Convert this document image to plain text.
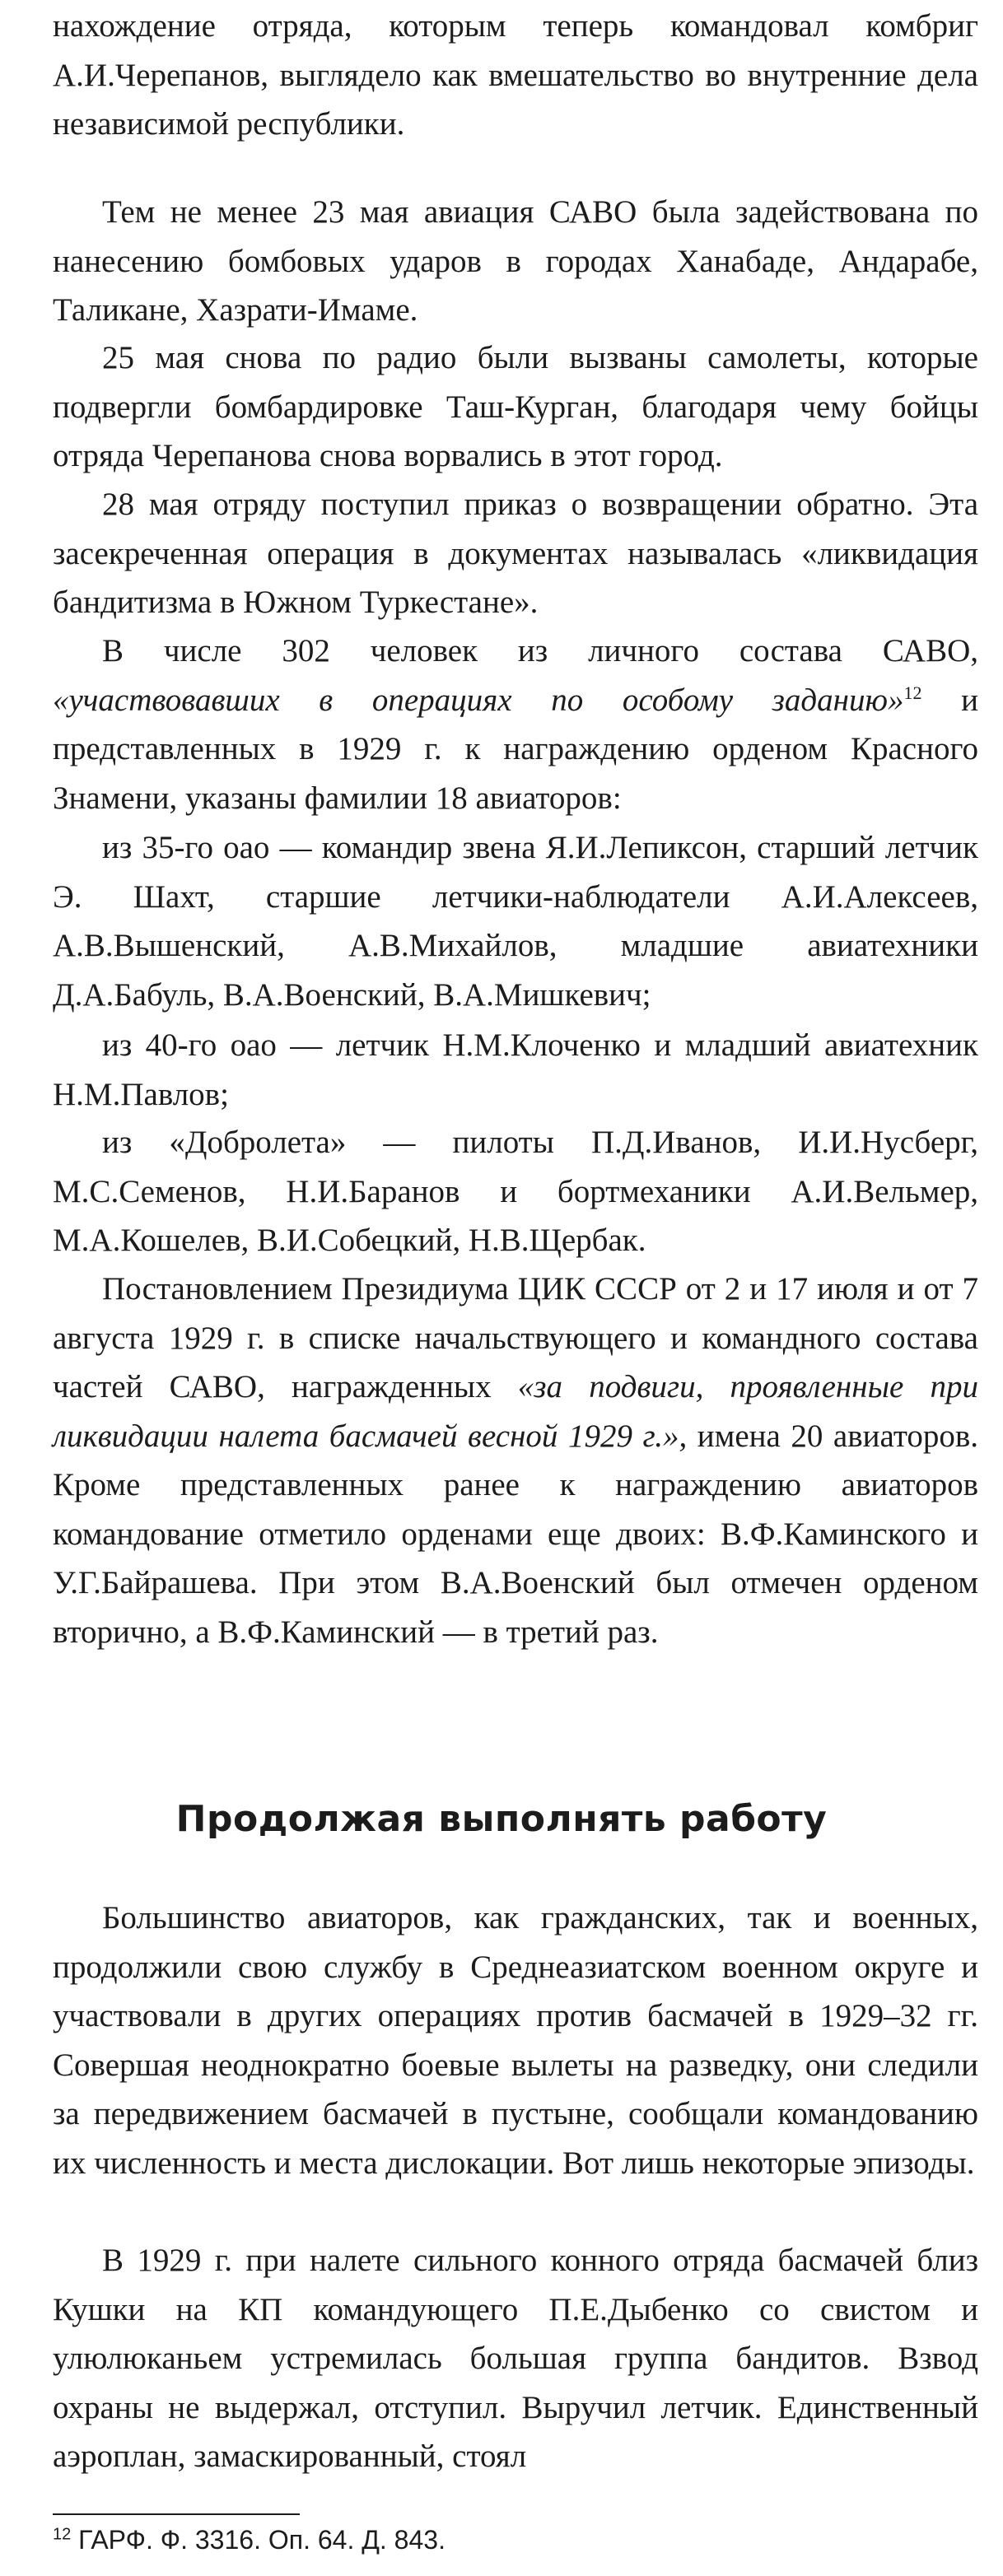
нахождение отряда, которым теперь командовал комбриг А.И.Черепанов, выглядело как вмешательство во внутренние дела независимой республики.

Тем не менее 23 мая авиация САВО была задействована по нанесению бомбовых ударов в городах Ханабаде, Андарабе, Таликане, Хазрати-Имаме.

25 мая снова по радио были вызваны самолеты, которые подвергли бомбардировке Таш-Курган, благодаря чему бойцы отряда Черепанова снова ворвались в этот город.

28 мая отряду поступил приказ о возвращении обратно. Эта засекреченная операция в документах называлась «ликвидация бандитизма в Южном Туркестане».

В числе 302 человек из личного состава САВО, «участвовавших в операциях по особому заданию»$^{12}$ и представленных в 1929 г. к награждению орденом Красного Знамени, указаны фамилии 18 авиаторов:

из 35-го оао — командир звена Я.И.Лепиксон, старший летчик Э. Шахт, старшие летчики-наблюдатели А.И.Алексеев, А.В.Вышенский, А.В.Михайлов, младшие авиатехники Д.А.Бабуль, В.А.Военский, В.А.Мишкевич;

из 40-го оао — летчик Н.М.Клоченко и младший авиатехник Н.М.Павлов;

из «Добролета» — пилоты П.Д.Иванов, И.И.Нусберг, М.С.Семенов, Н.И.Баранов и бортмеханики А.И.Вельмер, М.А.Кошелев, В.И.Собецкий, Н.В.Щербак.

Постановлением Президиума ЦИК СССР от 2 и 17 июля и от 7 августа 1929 г. в списке начальствующего и командного состава частей САВО, награжденных «за подвиги, проявленные при ликвидации налета басмачей весной 1929 г.», имена 20 авиаторов. Кроме представленных ранее к награждению авиаторов командование отметило орденами еще двоих: В.Ф.Каминского и У.Г.Байрашева. При этом В.А.Военский был отмечен орденом вторично, а В.Ф.Каминский — в третий раз.

Продолжая выполнять работу

Большинство авиаторов, как гражданских, так и военных, продолжили свою службу в Среднеазиатском военном округе и участвовали в других операциях против басмачей в 1929–32 гг. Совершая неоднократно боевые вылеты на разведку, они следили за передвижением басмачей в пустыне, сообщали командованию их численность и места дислокации. Вот лишь некоторые эпизоды.

В 1929 г. при налете сильного конного отряда басмачей близ Кушки на КП командующего П.Е.Дыбенко со свистом и улюлюканьем устремилась большая группа бандитов. Взвод охраны не выдержал, отступил. Выручил летчик. Единственный аэроплан, замаскированный, стоял

$^{12}$ ГАРФ. Ф. 3316. Оп. 64. Д. 843.
